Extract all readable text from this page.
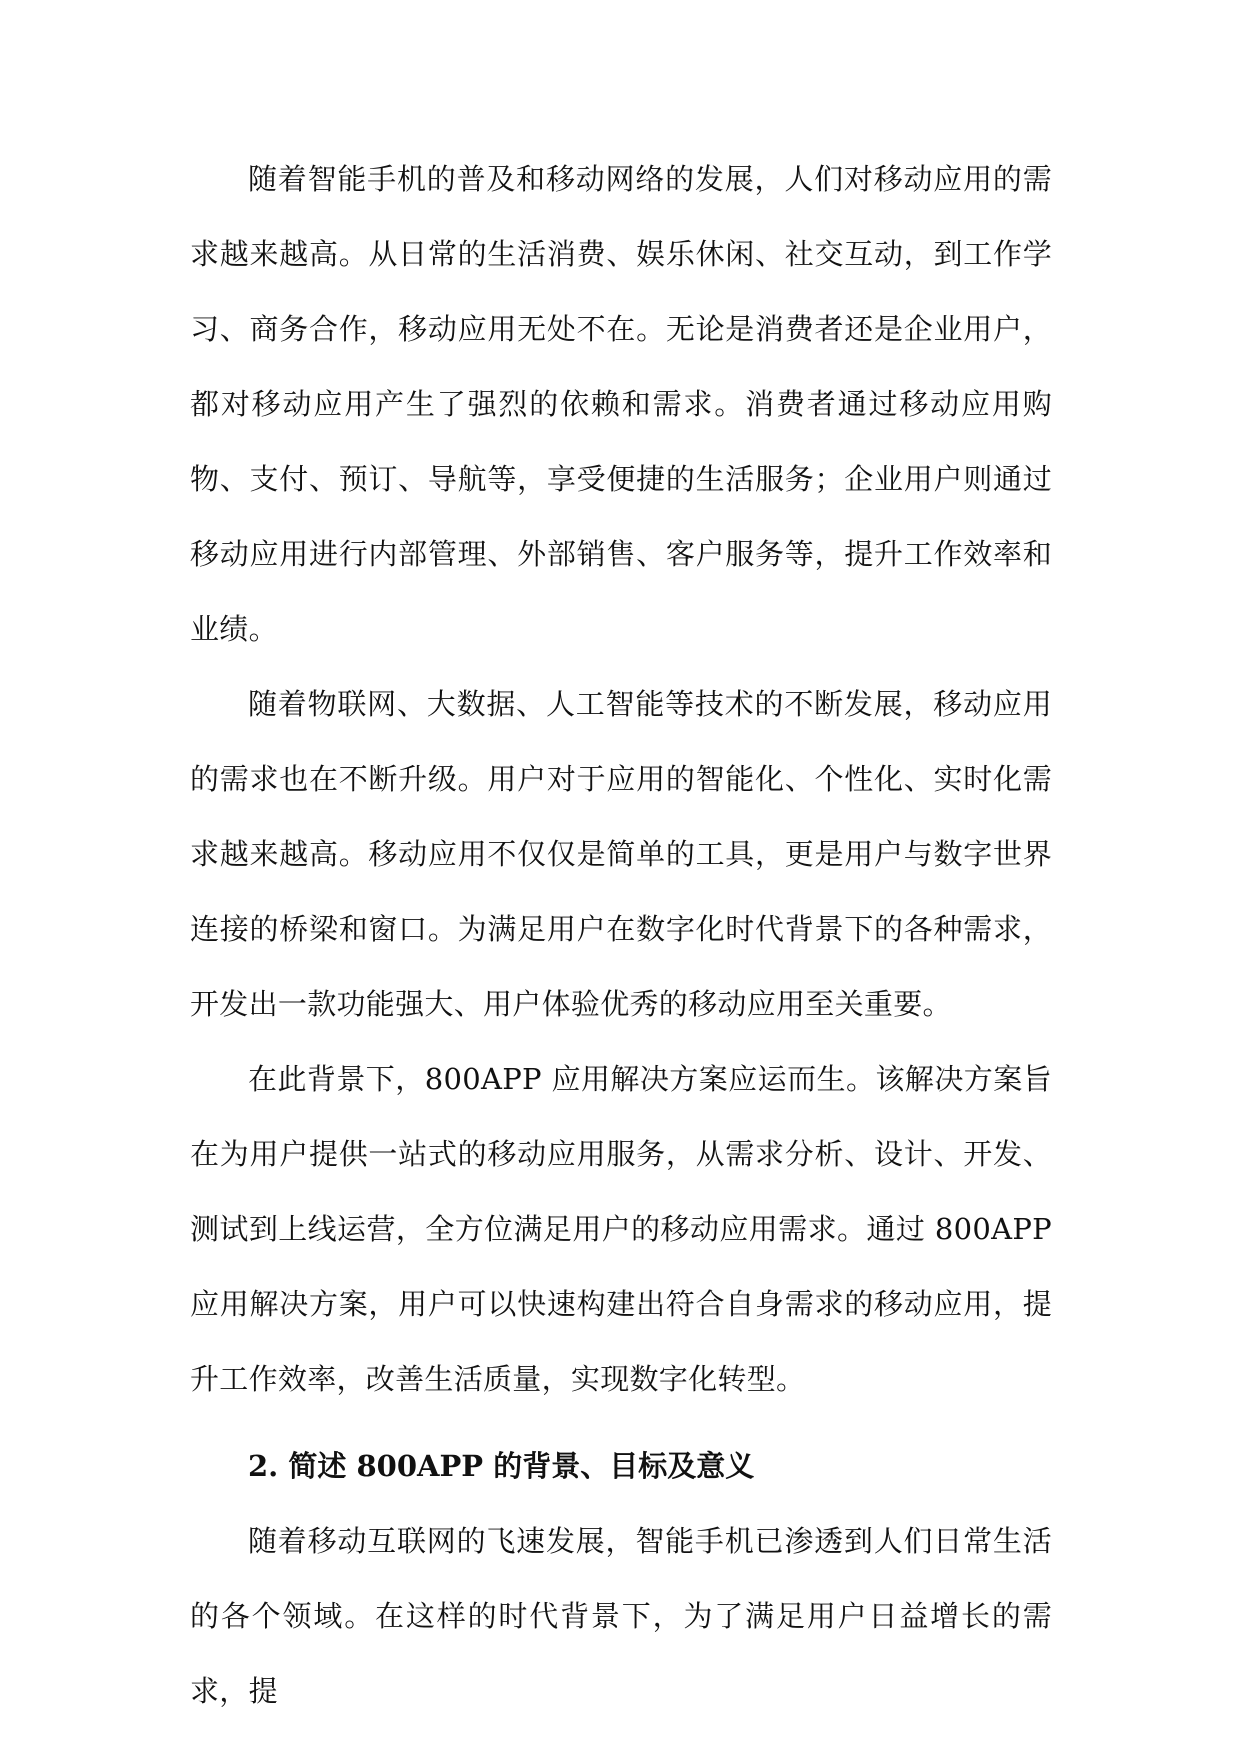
随着智能手机的普及和移动网络的发展，人们对移动应用的需求越来越高。从日常的生活消费、娱乐休闲、社交互动，到工作学习、商务合作，移动应用无处不在。无论是消费者还是企业用户，都对移动应用产生了强烈的依赖和需求。消费者通过移动应用购物、支付、预订、导航等，享受便捷的生活服务；企业用户则通过移动应用进行内部管理、外部销售、客户服务等，提升工作效率和业绩。

随着物联网、大数据、人工智能等技术的不断发展，移动应用的需求也在不断升级。用户对于应用的智能化、个性化、实时化需求越来越高。移动应用不仅仅是简单的工具，更是用户与数字世界连接的桥梁和窗口。为满足用户在数字化时代背景下的各种需求，开发出一款功能强大、用户体验优秀的移动应用至关重要。

在此背景下，800APP 应用解决方案应运而生。该解决方案旨在为用户提供一站式的移动应用服务，从需求分析、设计、开发、测试到上线运营，全方位满足用户的移动应用需求。通过 800APP 应用解决方案，用户可以快速构建出符合自身需求的移动应用，提升工作效率，改善生活质量，实现数字化转型。

2. 简述 800APP 的背景、目标及意义

随着移动互联网的飞速发展，智能手机已渗透到人们日常生活的各个领域。在这样的时代背景下，为了满足用户日益增长的需求，提
